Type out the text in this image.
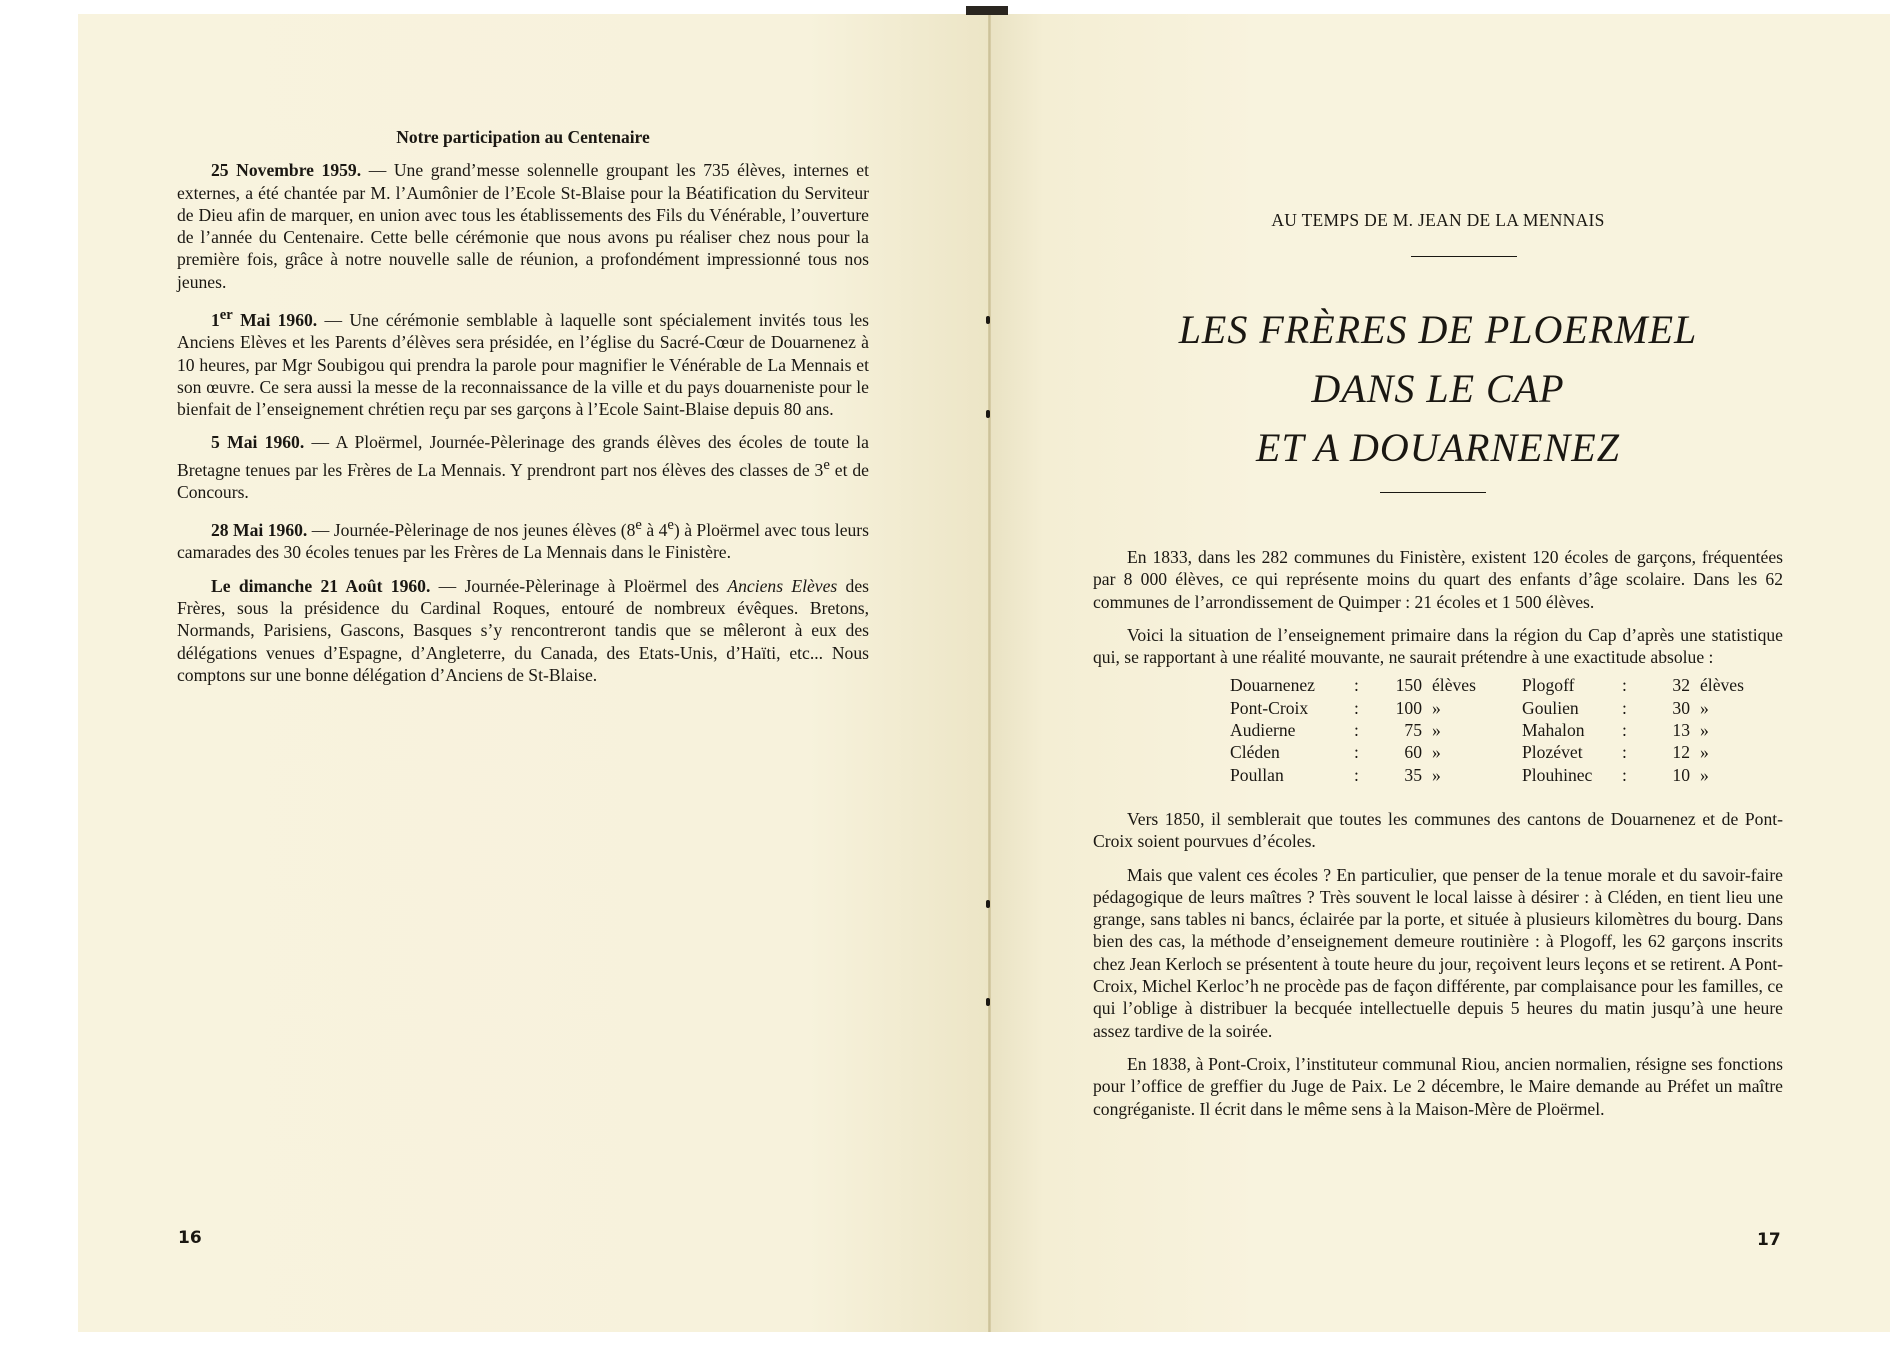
Notre participation au Centenaire

25 Novembre 1959. — Une grand’messe solennelle groupant les 735 élèves, internes et externes, a été chantée par M. l’Aumônier de l’Ecole St-Blaise pour la Béatification du Serviteur de Dieu afin de marquer, en union avec tous les établissements des Fils du Vénérable, l’ouverture de l’année du Centenaire. Cette belle cérémonie que nous avons pu réaliser chez nous pour la première fois, grâce à notre nouvelle salle de réunion, a profondément impressionné tous nos jeunes.

1er Mai 1960. — Une cérémonie semblable à laquelle sont spécialement invités tous les Anciens Elèves et les Parents d’élèves sera présidée, en l’église du Sacré-Cœur de Douarnenez à 10 heures, par Mgr Soubigou qui prendra la parole pour magnifier le Vénérable de La Mennais et son œuvre. Ce sera aussi la messe de la reconnaissance de la ville et du pays douarneniste pour le bienfait de l’enseignement chrétien reçu par ses garçons à l’Ecole Saint-Blaise depuis 80 ans.

5 Mai 1960. — A Ploërmel, Journée-Pèlerinage des grands élèves des écoles de toute la Bretagne tenues par les Frères de La Mennais. Y prendront part nos élèves des classes de 3e et de Concours.

28 Mai 1960. — Journée-Pèlerinage de nos jeunes élèves (8e à 4e) à Ploërmel avec tous leurs camarades des 30 écoles tenues par les Frères de La Mennais dans le Finistère.

Le dimanche 21 Août 1960. — Journée-Pèlerinage à Ploërmel des Anciens Elèves des Frères, sous la présidence du Cardinal Roques, entouré de nombreux évêques. Bretons, Normands, Parisiens, Gascons, Basques s’y rencontreront tandis que se mêleront à eux des délégations venues d’Espagne, d’Angleterre, du Canada, des Etats-Unis, d’Haïti, etc... Nous comptons sur une bonne délégation d’Anciens de St-Blaise.

16
AU TEMPS DE M. JEAN DE LA MENNAIS
LES FRÈRES DE PLOERMEL
DANS LE CAP
ET A DOUARNENEZ

En 1833, dans les 282 communes du Finistère, existent 120 écoles de garçons, fréquentées par 8 000 élèves, ce qui représente moins du quart des enfants d’âge scolaire. Dans les 62 communes de l’arrondissement de Quimper : 21 écoles et 1 500 élèves.

Voici la situation de l’enseignement primaire dans la région du Cap d’après une statistique qui, se rapportant à une réalité mouvante, ne saurait prétendre à une exactitude absolue :

Douarnenez	:	150	élèves
Pont-Croix	:	100	»
Audierne	:	75	»
Cléden	:	60	»
Poullan	:	35	»
Plogoff	:	32	élèves
Goulien	:	30	»
Mahalon	:	13	»
Plozévet	:	12	»
Plouhinec	:	10	»

Vers 1850, il semblerait que toutes les communes des cantons de Douarnenez et de Pont-Croix soient pourvues d’écoles.

Mais que valent ces écoles ? En particulier, que penser de la tenue morale et du savoir-faire pédagogique de leurs maîtres ? Très souvent le local laisse à désirer : à Cléden, en tient lieu une grange, sans tables ni bancs, éclairée par la porte, et située à plusieurs kilomètres du bourg. Dans bien des cas, la méthode d’enseignement demeure routinière : à Plogoff, les 62 garçons inscrits chez Jean Kerloch se présentent à toute heure du jour, reçoivent leurs leçons et se retirent. A Pont-Croix, Michel Kerloc’h ne procède pas de façon différente, par complaisance pour les familles, ce qui l’oblige à distribuer la becquée intellectuelle depuis 5 heures du matin jusqu’à une heure assez tardive de la soirée.

En 1838, à Pont-Croix, l’instituteur communal Riou, ancien normalien, résigne ses fonctions pour l’office de greffier du Juge de Paix. Le 2 décembre, le Maire demande au Préfet un maître congréganiste. Il écrit dans le même sens à la Maison-Mère de Ploërmel.

17
